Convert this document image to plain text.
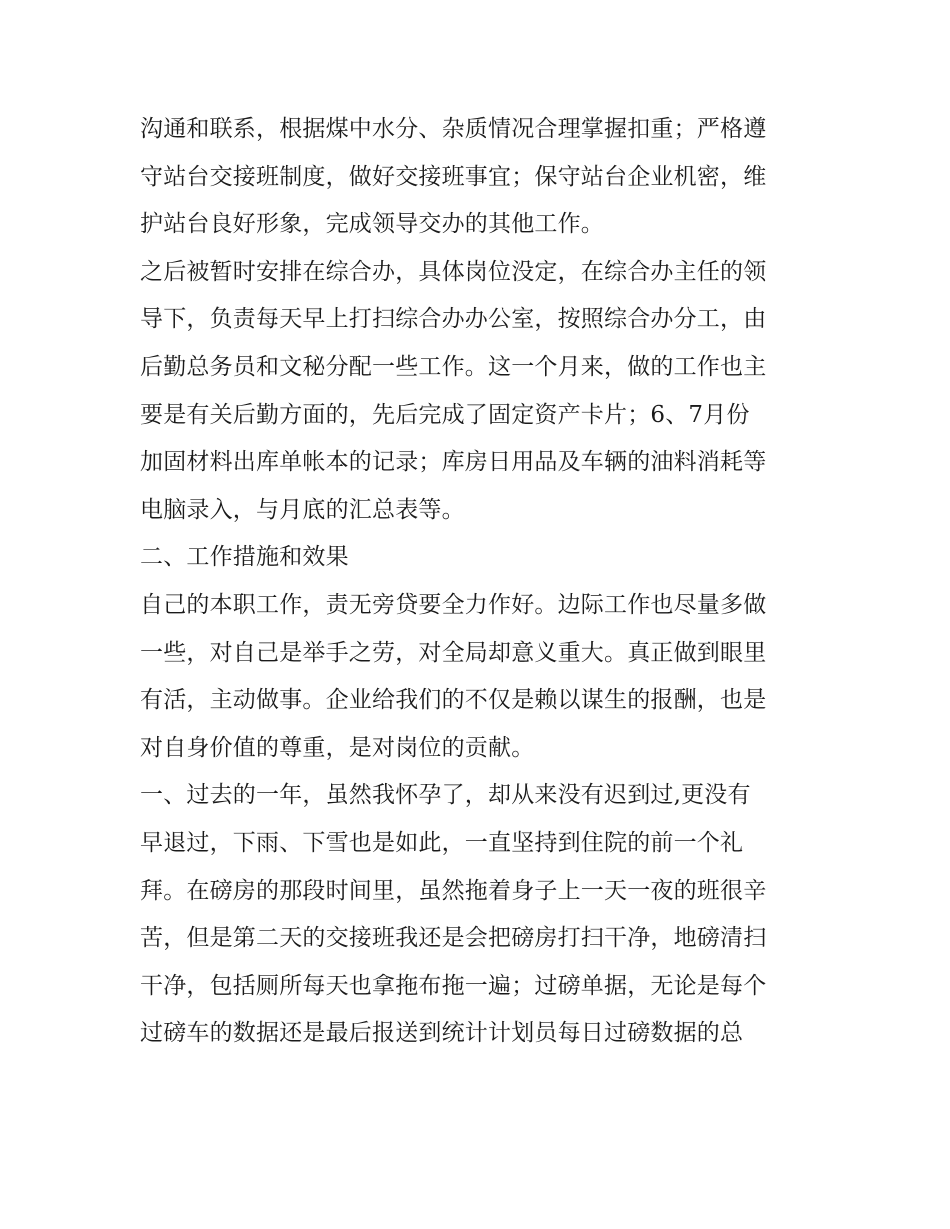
沟通和联系，根据煤中水分、杂质情况合理掌握扣重；严格遵
守站台交接班制度，做好交接班事宜；保守站台企业机密，维
护站台良好形象，完成领导交办的其他工作。
之后被暂时安排在综合办，具体岗位没定，在综合办主任的领
导下，负责每天早上打扫综合办办公室，按照综合办分工，由
后勤总务员和文秘分配一些工作。这一个月来，做的工作也主
要是有关后勤方面的，先后完成了固定资产卡片；6、7月份
加固材料出库单帐本的记录；库房日用品及车辆的油料消耗等
电脑录入，与月底的汇总表等。
二、工作措施和效果
自己的本职工作，责无旁贷要全力作好。边际工作也尽量多做
一些，对自己是举手之劳，对全局却意义重大。真正做到眼里
有活，主动做事。企业给我们的不仅是赖以谋生的报酬，也是
对自身价值的尊重，是对岗位的贡献。
一、过去的一年，虽然我怀孕了，却从来没有迟到过,更没有
早退过，下雨、下雪也是如此，一直坚持到住院的前一个礼
拜。在磅房的那段时间里，虽然拖着身子上一天一夜的班很辛
苦，但是第二天的交接班我还是会把磅房打扫干净，地磅清扫
干净，包括厕所每天也拿拖布拖一遍；过磅单据，无论是每个
过磅车的数据还是最后报送到统计计划员每日过磅数据的总
